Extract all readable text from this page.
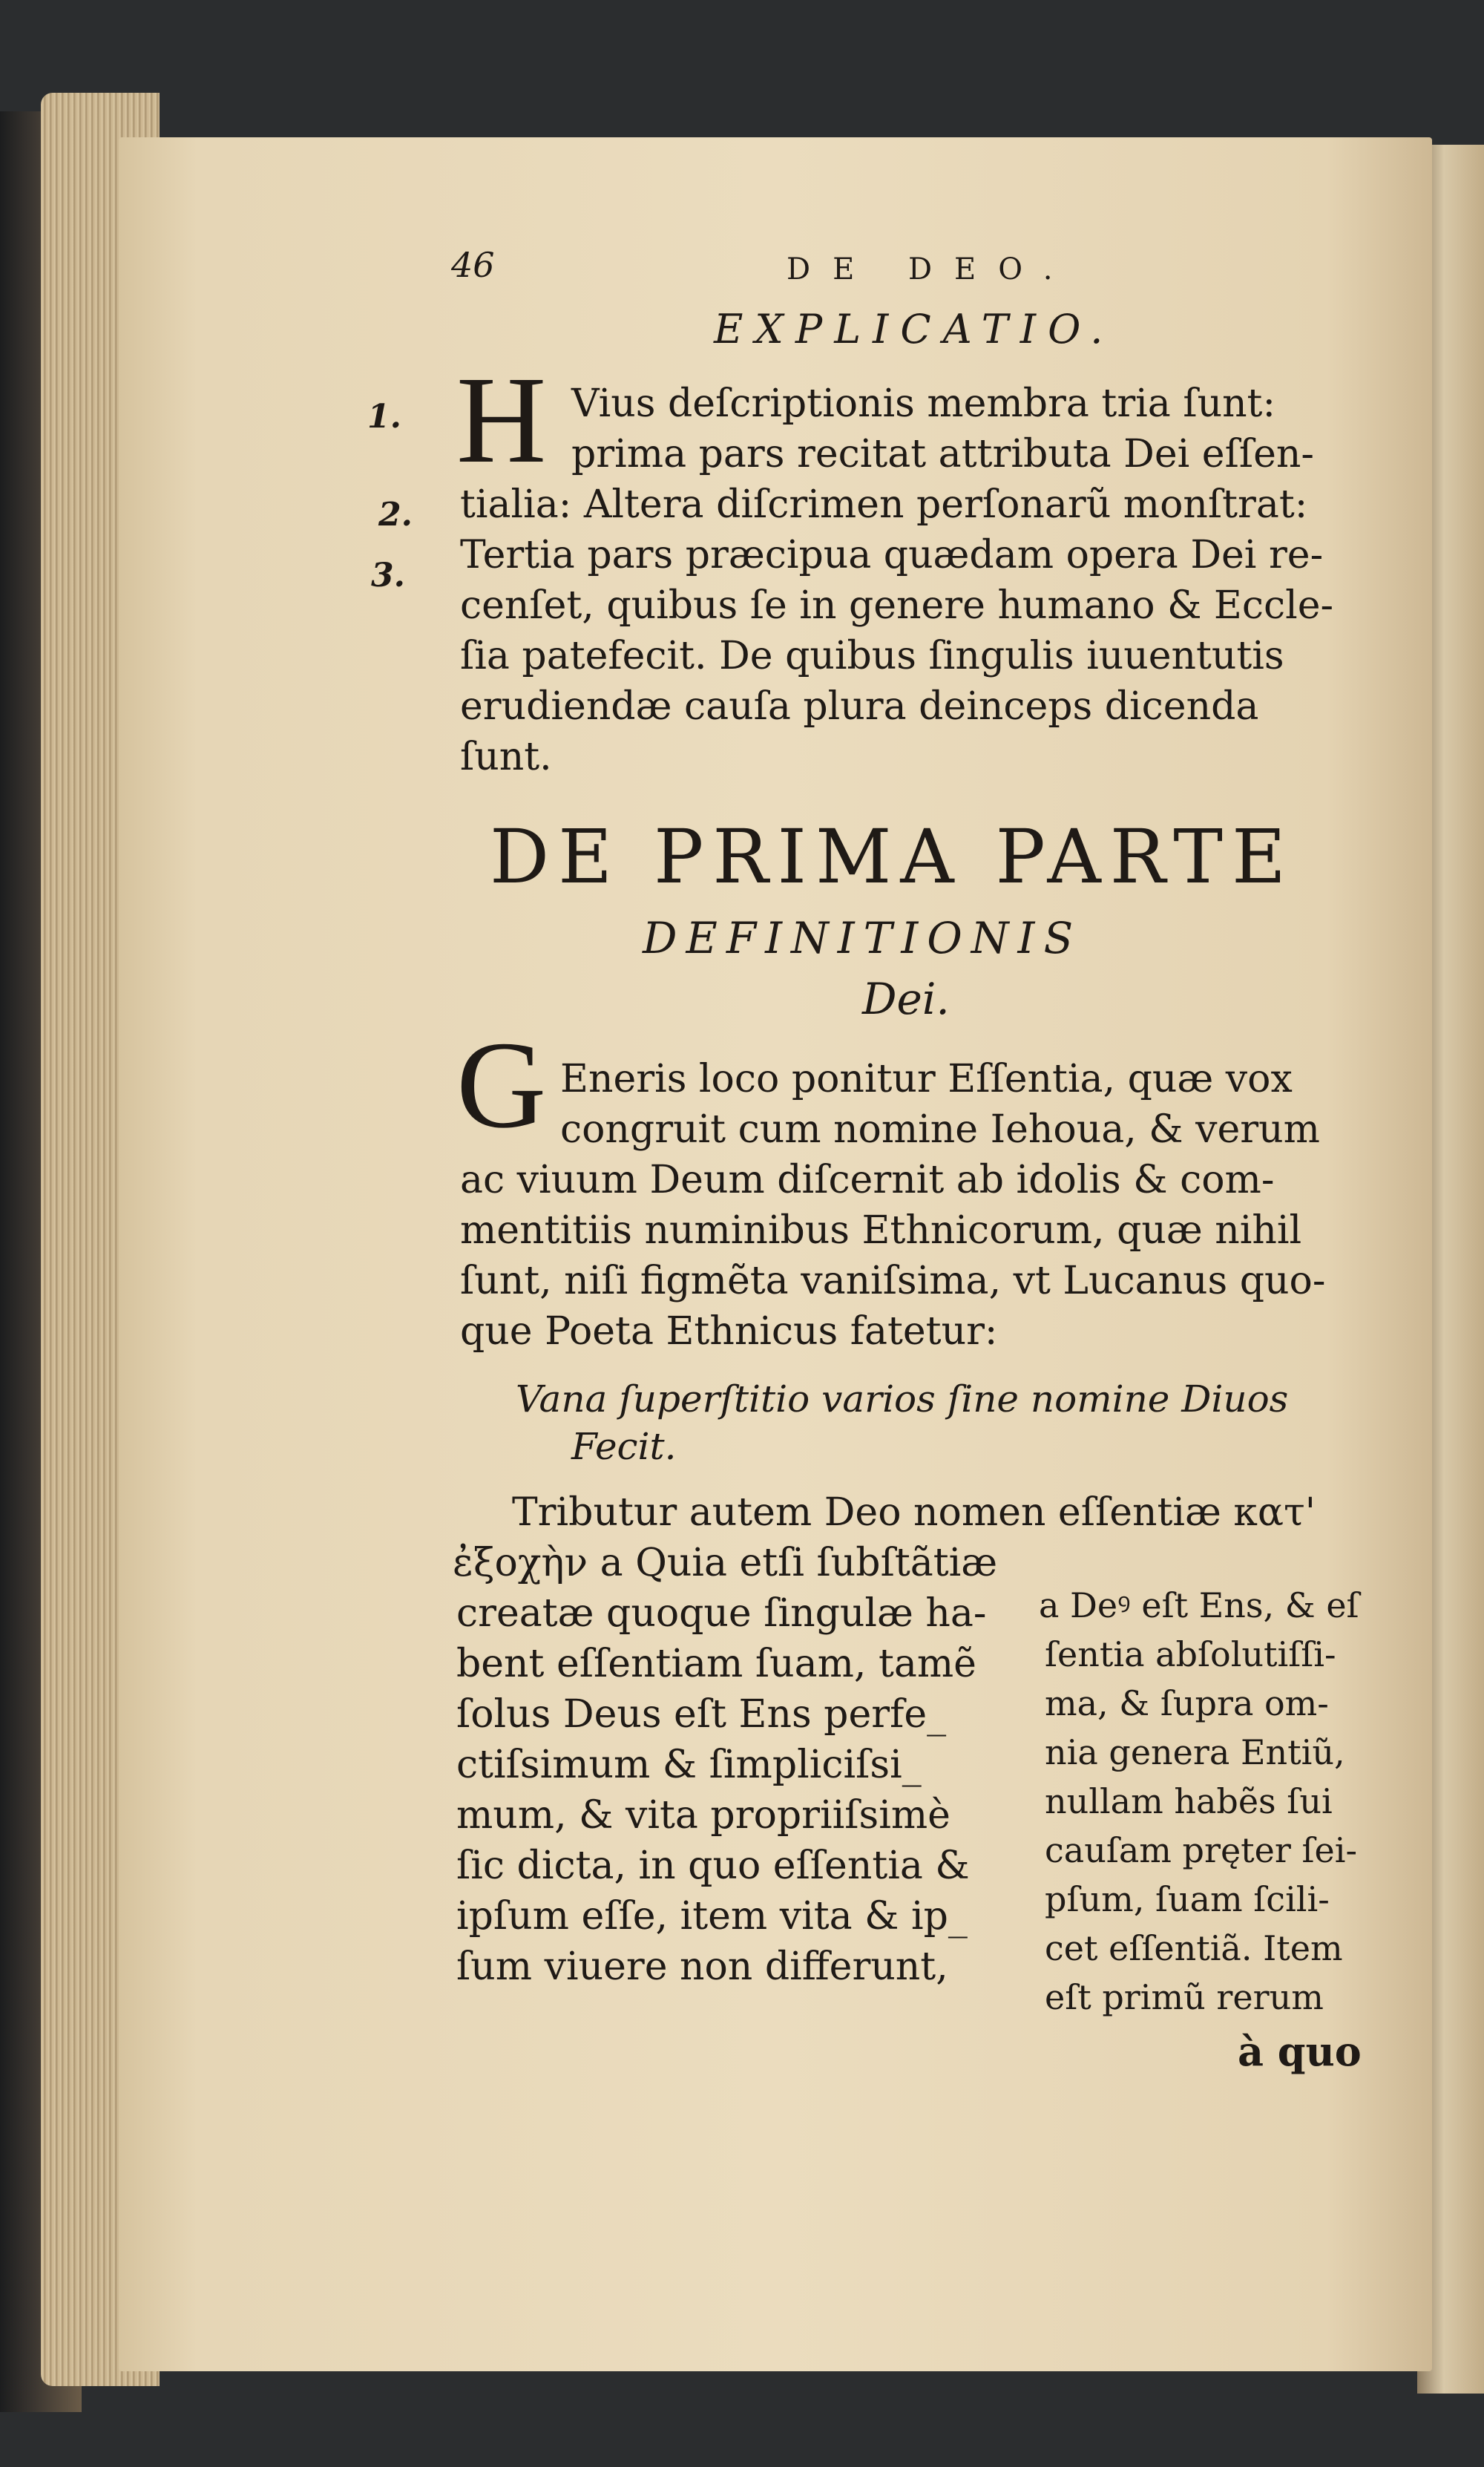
46	DE DEO.
EXPLICATIO.
1.
2.
3.
H Vius deſcriptionis membra tria ſunt:
prima pars recitat attributa Dei eſſen-
tialia: Altera diſcrimen perſonarũ monſtrat:
Tertia pars præcipua quædam opera Dei re-
cenſet, quibus ſe in genere humano & Eccle-
ſia patefecit. De quibus ſingulis iuuentutis
erudiendæ cauſa plura deinceps dicenda
ſunt.
DE PRIMA PARTE
DEFINITIONIS
Dei.
G Eneris loco ponitur Eſſentia, quæ vox
congruit cum nomine Iehoua, & verum
ac viuum Deum diſcernit ab idolis & com-
mentitiis numinibus Ethnicorum, quæ nihil
ſunt, niſi figmẽta vaniſsima, vt Lucanus quo-
que Poeta Ethnicus fatetur:
Vana ſuperſtitio varios ſine nomine Diuos
Fecit.
Tributur autem Deo nomen eſſentiæ κατ'
ἐξοχὴν a Quia etſi ſubſtãtiæ
creatæ quoque ſingulæ ha-
bent eſſentiam ſuam, tamẽ
ſolus Deus eſt Ens perfe_
ctiſsimum & ſimpliciſsi_
mum, & vita propriiſsimè
ſic dicta, in quo eſſentia &
ipſum eſſe, item vita & ip_
ſum viuere non differunt,
a Deꝰ eſt Ens, & eſ
ſentia abſolutiſſi-
ma, & ſupra om-
nia genera Entiũ,
nullam habẽs ſui
cauſam pręter ſei-
pſum, ſuam ſcili-
cet eſſentiã. Item
eſt primũ rerum
à quo
